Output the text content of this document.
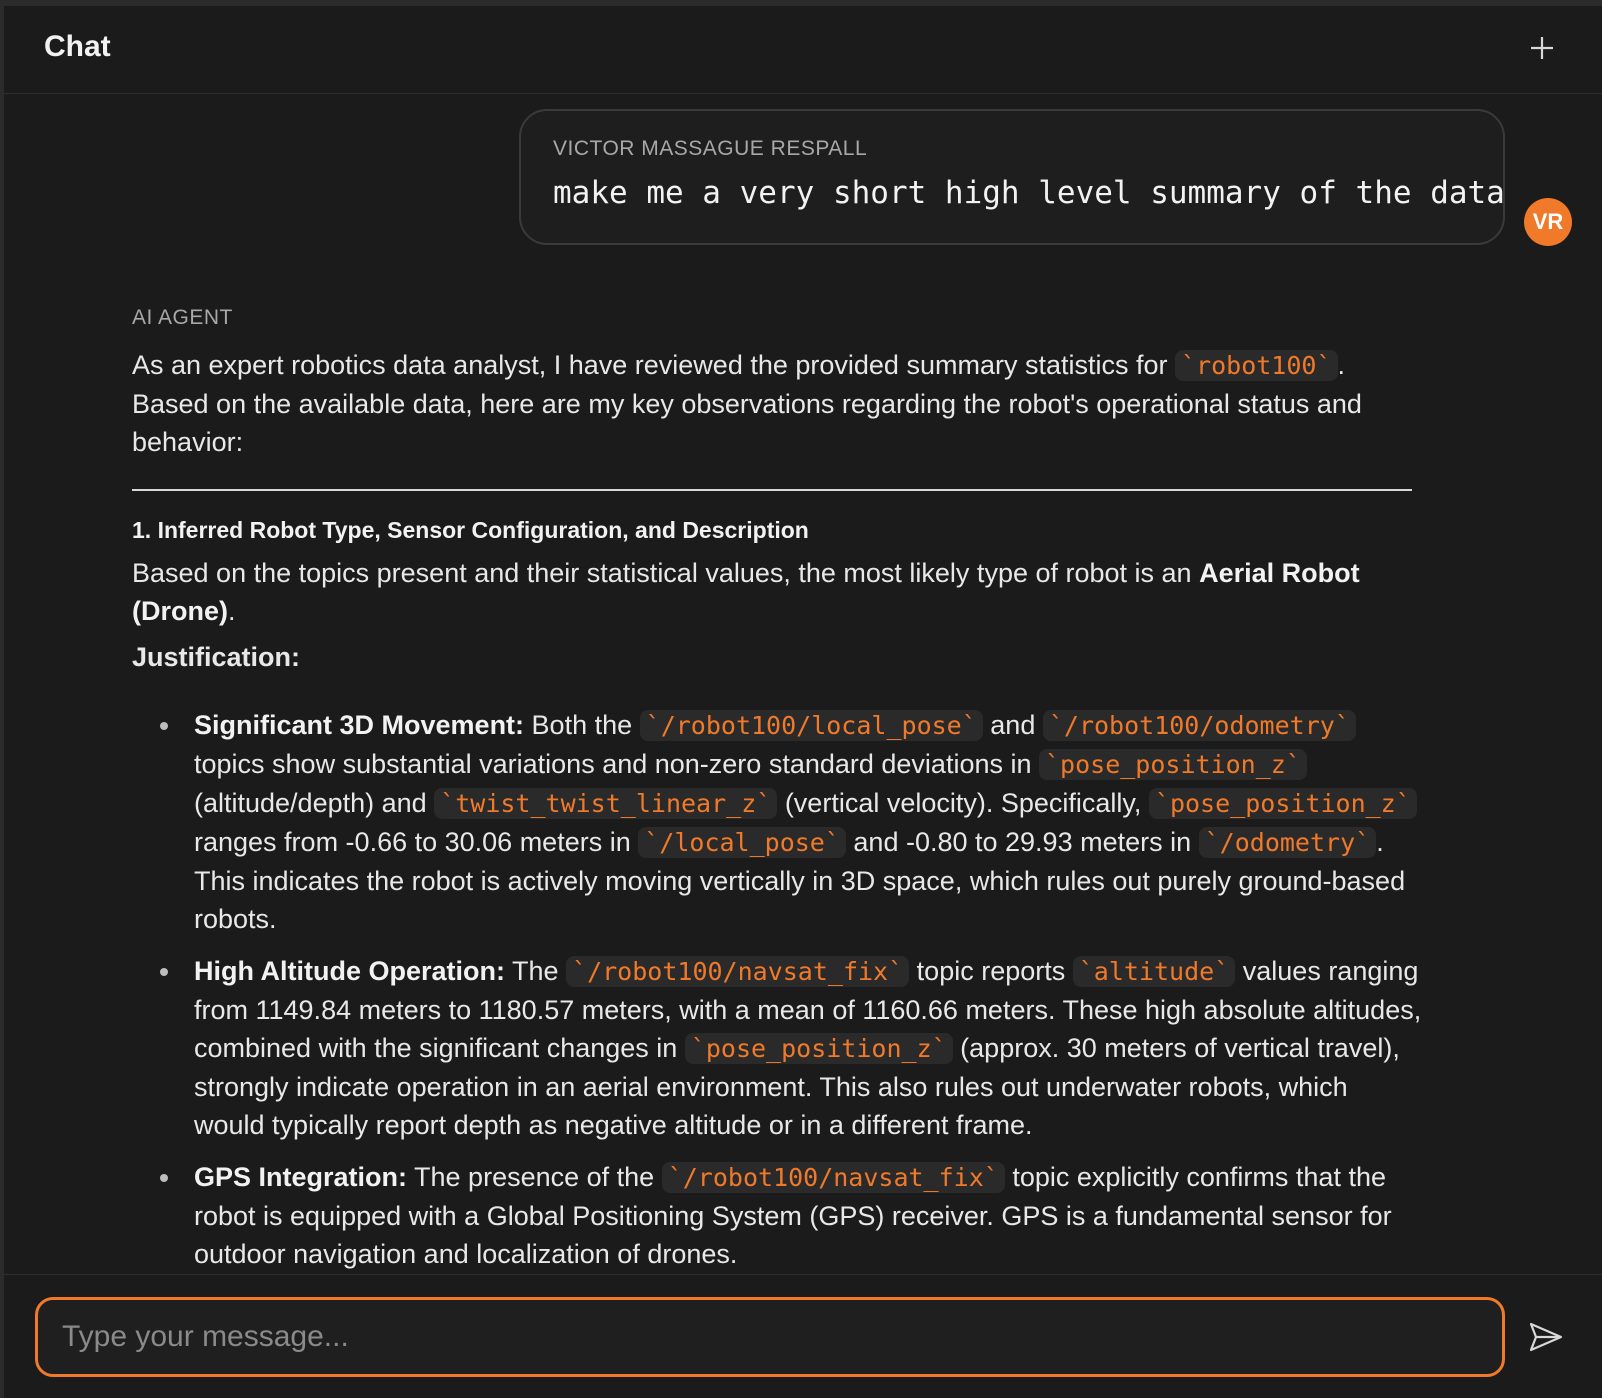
Chat
VICTOR MASSAGUE RESPALL
make me a very short high level summary of the data
VR
AI AGENT

As an expert robotics data analyst, I have reviewed the provided summary statistics for `robot100` . Based on the available data, here are my key observations regarding the robot's operational status and behavior:

1. Inferred Robot Type, Sensor Configuration, and Description

Based on the topics present and their statistical values, the most likely type of robot is an Aerial Robot (Drone).

Justification:

Significant 3D Movement: Both the `/robot100/local_pose` and `/robot100/odometry` topics show substantial variations and non-zero standard deviations in `pose_position_z` (altitude/depth) and `twist_twist_linear_z` (vertical velocity). Specifically, `pose_position_z` ranges from -0.66 to 30.06 meters in `/local_pose` and -0.80 to 29.93 meters in `/odometry` . This indicates the robot is actively moving vertically in 3D space, which rules out purely ground-based robots.
High Altitude Operation: The `/robot100/navsat_fix` topic reports `altitude` values ranging from 1149.84 meters to 1180.57 meters, with a mean of 1160.66 meters. These high absolute altitudes, combined with the significant changes in `pose_position_z` (approx. 30 meters of vertical travel), strongly indicate operation in an aerial environment. This also rules out underwater robots, which would typically report depth as negative altitude or in a different frame.
GPS Integration: The presence of the `/robot100/navsat_fix` topic explicitly confirms that the robot is equipped with a Global Positioning System (GPS) receiver. GPS is a fundamental sensor for outdoor navigation and localization of drones.
Type your message...
